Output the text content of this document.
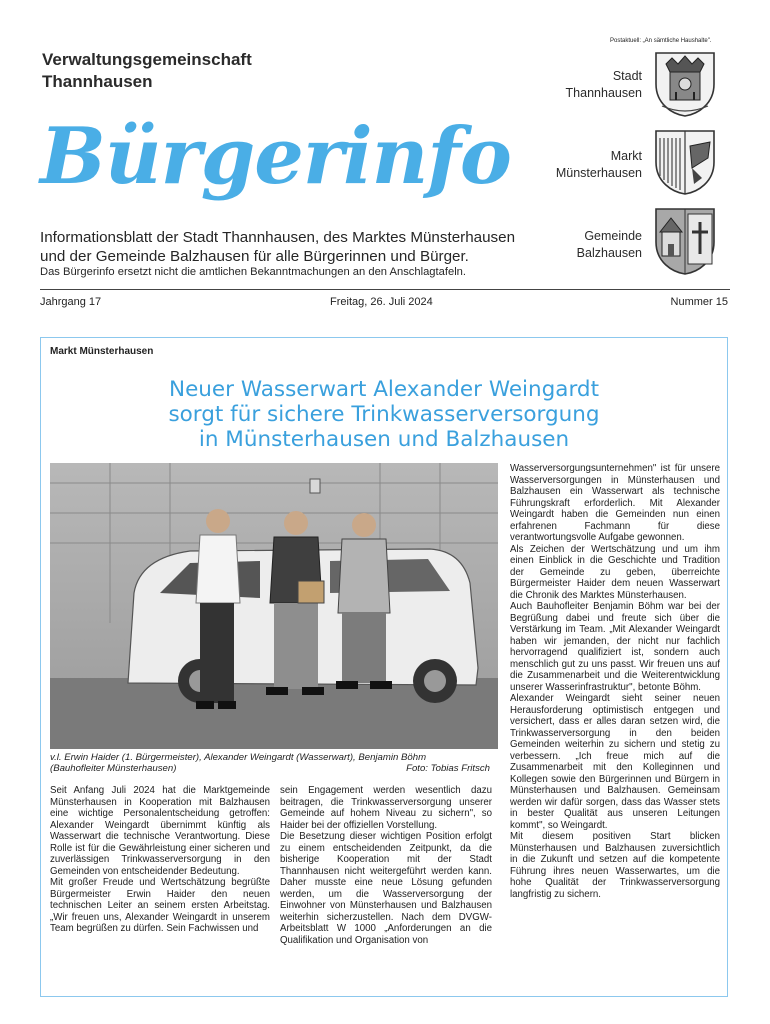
Postaktuell: „An sämtliche Haushalte".
Verwaltungsgemeinschaft
Thannhausen
Bürgerinfo
Informationsblatt der Stadt Thannhausen, des Marktes Münsterhausen
und der Gemeinde Balzhausen für alle Bürgerinnen und Bürger.
Das Bürgerinfo ersetzt nicht die amtlichen Bekanntmachungen an den Anschlagtafeln.
Stadt
Thannhausen
Markt
Münsterhausen
Gemeinde
Balzhausen
Jahrgang 17	Freitag, 26. Juli 2024	Nummer 15
Markt Münsterhausen
Neuer Wasserwart Alexander Weingardt
sorgt für sichere Trinkwasserversorgung
in Münsterhausen und Balzhausen
v.l. Erwin Haider (1. Bürgermeister), Alexander Weingardt (Wasserwart), Benjamin Böhm
(Bauhofleiter Münsterhausen)	Foto: Tobias Fritsch

Seit Anfang Juli 2024 hat die Marktgemeinde Münsterhausen in Kooperation mit Balzhausen eine wichtige Personalentscheidung getroffen: Alexander Weingardt übernimmt künftig als Wasserwart die technische Verantwortung. Diese Rolle ist für die Gewährleistung einer sicheren und zuverlässigen Trinkwasserversorgung in den Gemeinden von entscheidender Bedeutung.

Mit großer Freude und Wertschätzung begrüßte Bürgermeister Erwin Haider den neuen technischen Leiter an seinem ersten Arbeitstag. „Wir freuen uns, Alexander Weingardt in unserem Team begrüßen zu dürfen. Sein Fachwissen und

sein Engagement werden wesentlich dazu beitragen, die Trinkwasserversorgung unserer Gemeinde auf hohem Niveau zu sichern", so Haider bei der offiziellen Vorstellung.

Die Besetzung dieser wichtigen Position erfolgt zu einem entscheidenden Zeitpunkt, da die bisherige Kooperation mit der Stadt Thannhausen nicht weitergeführt werden kann. Daher musste eine neue Lösung gefunden werden, um die Wasserversorgung der Einwohner von Münsterhausen und Balzhausen weiterhin sicherzustellen. Nach dem DVGW-Arbeitsblatt W 1000 „Anforderungen an die Qualifikation und Organisation von

Wasserversorgungsunternehmen" ist für unsere Wasserversorgungen in Münsterhausen und Balzhausen ein Wasserwart als technische Führungskraft erforderlich. Mit Alexander Weingardt haben die Gemeinden nun einen erfahrenen Fachmann für diese verantwortungsvolle Aufgabe gewonnen.

Als Zeichen der Wertschätzung und um ihm einen Einblick in die Geschichte und Tradition der Gemeinde zu geben, überreichte Bürgermeister Haider dem neuen Wasserwart die Chronik des Marktes Münsterhausen.

Auch Bauhofleiter Benjamin Böhm war bei der Begrüßung dabei und freute sich über die Verstärkung im Team. „Mit Alexander Weingardt haben wir jemanden, der nicht nur fachlich hervorragend qualifiziert ist, sondern auch menschlich gut zu uns passt. Wir freuen uns auf die Zusammenarbeit und die Weiterentwicklung unserer Wasserinfrastruktur", betonte Böhm.

Alexander Weingardt sieht seiner neuen Herausforderung optimistisch entgegen und versichert, dass er alles daran setzen wird, die Trinkwasserversorgung in den beiden Gemeinden weiterhin zu sichern und stetig zu verbessern. „Ich freue mich auf die Zusammenarbeit mit den Kolleginnen und Kollegen sowie den Bürgerinnen und Bürgern in Münsterhausen und Balzhausen. Gemeinsam werden wir dafür sorgen, dass das Wasser stets in bester Qualität aus unseren Leitungen kommt", so Weingardt.

Mit diesem positiven Start blicken Münsterhausen und Balzhausen zuversichtlich in die Zukunft und setzen auf die kompetente Führung ihres neuen Wasserwartes, um die hohe Qualität der Trinkwasserversorgung langfristig zu sichern.
